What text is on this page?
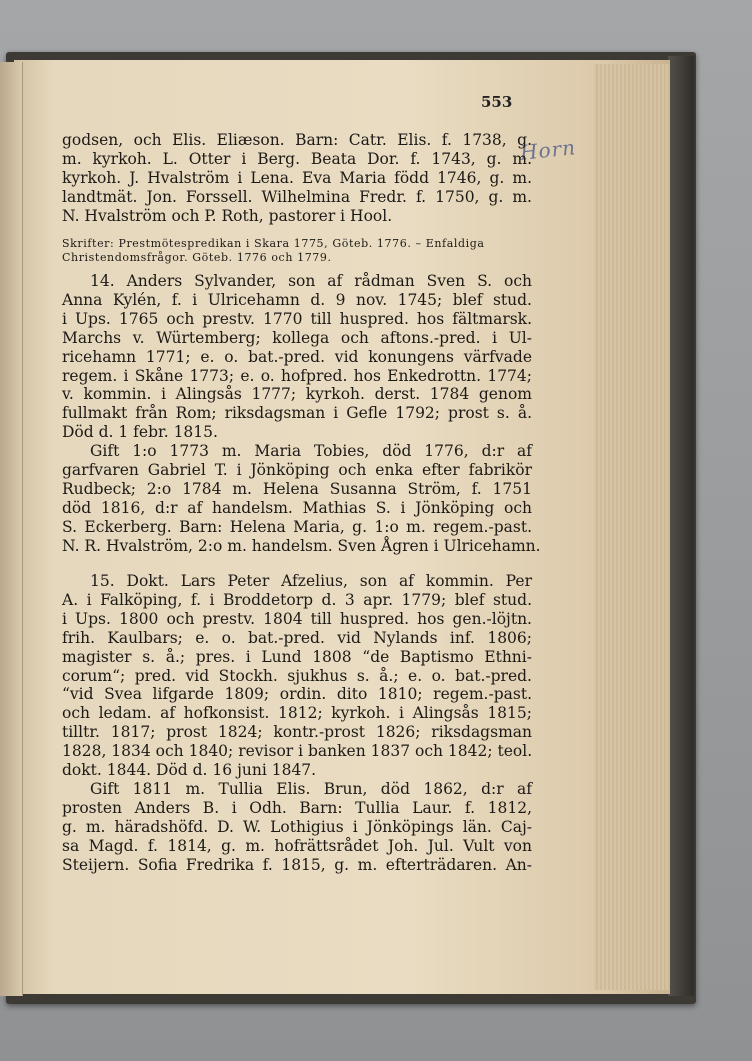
553
Horn
godsen, och Elis. Eliæson. Barn: Catr. Elis. f. 1738, g.
m. kyrkoh. L. Otter i Berg. Beata Dor. f. 1743, g. m.
kyrkoh. J. Hvalström i Lena. Eva Maria född 1746, g. m.
landtmät. Jon. Forssell. Wilhelmina Fredr. f. 1750, g. m.
N. Hvalström och P. Roth, pastorer i Hool.
Skrifter: Prestmötespredikan i Skara 1775, Göteb. 1776. – Enfaldiga
Christendomsfrågor. Göteb. 1776 och 1779.
14. Anders Sylvander, son af rådman Sven S. och
Anna Kylén, f. i Ulricehamn d. 9 nov. 1745; blef stud.
i Ups. 1765 och prestv. 1770 till huspred. hos fältmarsk.
Marchs v. Würtemberg; kollega och aftons.-pred. i Ul-
ricehamn 1771; e. o. bat.-pred. vid konungens värfvade
regem. i Skåne 1773; e. o. hofpred. hos Enkedrottn. 1774;
v. kommin. i Alingsås 1777; kyrkoh. derst. 1784 genom
fullmakt från Rom; riksdagsman i Gefle 1792; prost s. å.
Död d. 1 febr. 1815.
Gift 1:o 1773 m. Maria Tobies, död 1776, d:r af
garfvaren Gabriel T. i Jönköping och enka efter fabrikör
Rudbeck; 2:o 1784 m. Helena Susanna Ström, f. 1751
död 1816, d:r af handelsm. Mathias S. i Jönköping och
S. Eckerberg. Barn: Helena Maria, g. 1:o m. regem.-past.
N. R. Hvalström, 2:o m. handelsm. Sven Ågren i Ulricehamn.
15. Dokt. Lars Peter Afzelius, son af kommin. Per
A. i Falköping, f. i Broddetorp d. 3 apr. 1779; blef stud.
i Ups. 1800 och prestv. 1804 till huspred. hos gen.-löjtn.
frih. Kaulbars; e. o. bat.-pred. vid Nylands inf. 1806;
magister s. å.; pres. i Lund 1808 “de Baptismo Ethni-
corum“; pred. vid Stockh. sjukhus s. å.; e. o. bat.-pred.
“vid Svea lifgarde 1809; ordin. dito 1810; regem.-past.
och ledam. af hofkonsist. 1812; kyrkoh. i Alingsås 1815;
tilltr. 1817; prost 1824; kontr.-prost 1826; riksdagsman
1828, 1834 och 1840; revisor i banken 1837 och 1842; teol.
dokt. 1844. Död d. 16 juni 1847.
Gift 1811 m. Tullia Elis. Brun, död 1862, d:r af
prosten Anders B. i Odh. Barn: Tullia Laur. f. 1812,
g. m. häradshöfd. D. W. Lothigius i Jönköpings län. Caj-
sa Magd. f. 1814, g. m. hofrättsrådet Joh. Jul. Vult von
Steijern. Sofia Fredrika f. 1815, g. m. efterträdaren. An-
